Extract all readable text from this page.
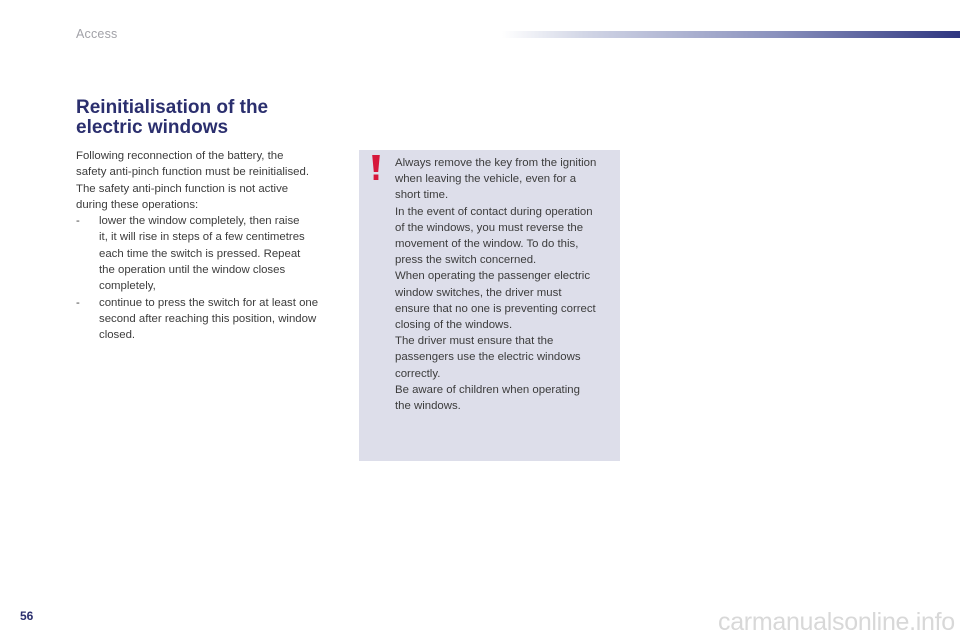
Access
Reinitialisation of the
electric windows
Following reconnection of the battery, the
safety anti-pinch function must be reinitialised.
The safety anti-pinch function is not active
during these operations:
- lower the window completely, then raise
it, it will rise in steps of a few centimetres
each time the switch is pressed. Repeat
the operation until the window closes
completely,
- continue to press the switch for at least one
second after reaching this position, window
closed.
Always remove the key from the ignition
when leaving the vehicle, even for a
short time.
In the event of contact during operation
of the windows, you must reverse the
movement of the window. To do this,
press the switch concerned.
When operating the passenger electric
window switches, the driver must
ensure that no one is preventing correct
closing of the windows.
The driver must ensure that the
passengers use the electric windows
correctly.
Be aware of children when operating
the windows.
56	carmanualsonline.info
